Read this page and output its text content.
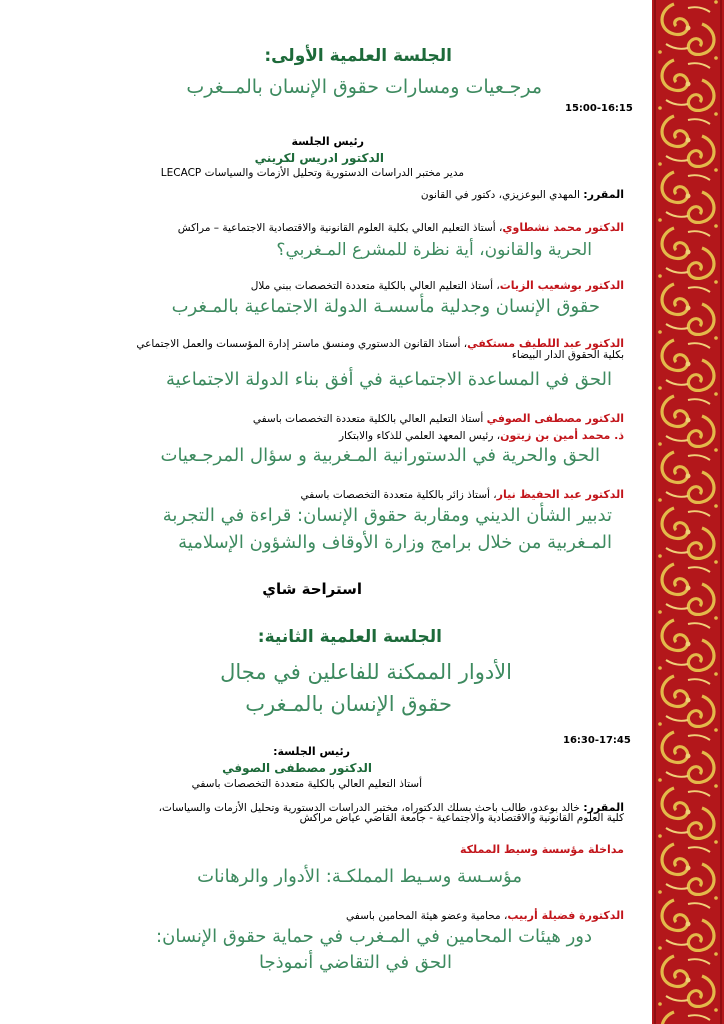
الجلسة العلمية الأولى:
مرجـعيات ومسارات حقوق الإنسان بالمــغرب
15:00-16:15
رئيس الجلسة
الدكتور ادريس لكريني
مدير مختبر الدراسات الدستورية وتحليل الأزمات والسياسات LECACP
المقرر: المهدي البوعزيزي، دكتور في القانون
الدكتور محمد نشطاوي، أستاذ التعليم العالي بكلية العلوم القانونية والاقتصادية الاجتماعية – مراكش
الحرية والقانون، أية نظرة للمشرع المـغربي؟
الدكتور بوشعيب الزيات، أستاذ التعليم العالي بالكلية متعددة التخصصات ببني ملال
حقوق الإنسان وجدلية مأسسـة الدولة الاجتماعية بالمـغرب
الدكتور عبد اللطيف مستكفي، أستاذ القانون الدستوري ومنسق ماستر إدارة المؤسسات والعمل الاجتماعي
بكلية الحقوق الدار البيضاء
الحق في المساعدة الاجتماعية في أفق بناء الدولة الاجتماعية
الدكتور مصطفى الصوفي أستاذ التعليم العالي بالكلية متعددة التخصصات باسفي
ذ. محمد أمين بن زيتون، رئيس المعهد العلمي للذكاء والابتكار
الحق والحرية في الدستورانية المـغربية و سؤال المرجـعيات
الدكتور عبد الحفيظ نيار، أستاذ زائر بالكلية متعددة التخصصات باسفي
تدبير الشأن الديني ومقاربة حقوق الإنسان: قراءة في التجربة
المـغربية من خلال برامج وزارة الأوقاف والشؤون الإسلامية
استراحة شاي
الجلسة العلمية الثانية:
الأدوار الممكنة للفاعلين في مجال
حقوق الإنسان بالمـغرب
16:30-17:45
رئيس الجلسة:
الدكتور مصطفى الصوفي
أستاذ التعليم العالي بالكلية متعددة التخصصات باسفي
المقرر: خالد بوعدو، طالب باحث بسلك الدكتوراه، مختبر الدراسات الدستورية وتحليل الأزمات والسياسات،
كلية العلوم القانونية والاقتصادية والاجتماعية - جامعة القاضي عياض مراكش
مداخلة مؤسسة وسيط المملكة
مؤسـسة وسـيط المملكـة: الأدوار والرهانات
الدكتورة فضيلة أربيب، محامية وعضو هيئة المحامين باسفي
دور هيئات المحامين في المـغرب في حماية حقوق الإنسان:
الحق في التقاضي أنموذجا
